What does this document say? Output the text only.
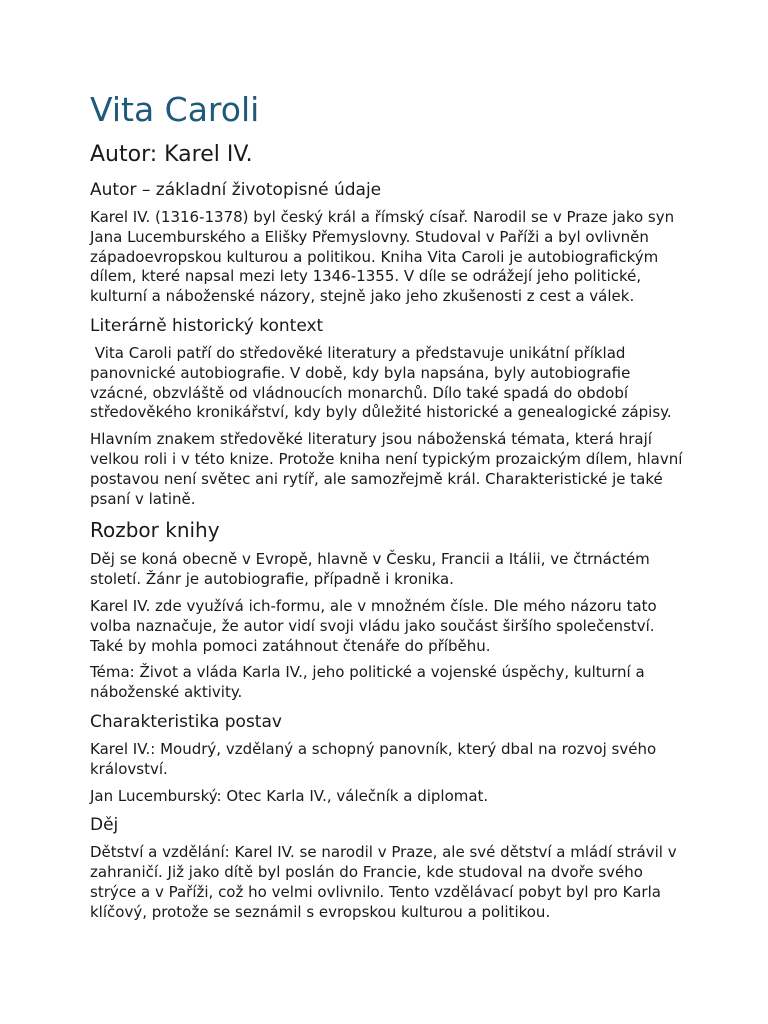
Vita Caroli
Autor: Karel IV.
Autor – základní životopisné údaje

Karel IV. (1316-1378) byl český král a římský císař. Narodil se v Praze jako syn Jana Lucemburského a Elišky Přemyslovny. Studoval v Paříži a byl ovlivněn západoevropskou kulturou a politikou. Kniha Vita Caroli je autobiografickým dílem, které napsal mezi lety 1346-1355. V díle se odrážejí jeho politické, kulturní a náboženské názory, stejně jako jeho zkušenosti z cest a válek.

Literárně historický kontext

Vita Caroli patří do středověké literatury a představuje unikátní příklad panovnické autobiografie. V době, kdy byla napsána, byly autobiografie vzácné, obzvláště od vládnoucích monarchů. Dílo také spadá do období středověkého kronikářství, kdy byly důležité historické a genealogické zápisy.

Hlavním znakem středověké literatury jsou náboženská témata, která hrají velkou roli i v této knize. Protože kniha není typickým prozaickým dílem, hlavní postavou není světec ani rytíř, ale samozřejmě král. Charakteristické je také psaní v latině.

Rozbor knihy

Děj se koná obecně v Evropě, hlavně v Česku, Francii a Itálii, ve čtrnáctém století. Žánr je autobiografie, případně i kronika.

Karel IV. zde využívá ich-formu, ale v množném čísle. Dle mého názoru tato volba naznačuje, že autor vidí svoji vládu jako součást širšího společenství. Také by mohla pomoci zatáhnout čtenáře do příběhu.

Téma: Život a vláda Karla IV., jeho politické a vojenské úspěchy, kulturní a náboženské aktivity.

Charakteristika postav

Karel IV.: Moudrý, vzdělaný a schopný panovník, který dbal na rozvoj svého království.

Jan Lucemburský: Otec Karla IV., válečník a diplomat.

Děj

Dětství a vzdělání: Karel IV. se narodil v Praze, ale své dětství a mládí strávil v zahraničí. Již jako dítě byl poslán do Francie, kde studoval na dvoře svého strýce a v Paříži, což ho velmi ovlivnilo. Tento vzdělávací pobyt byl pro Karla klíčový, protože se seznámil s evropskou kulturou a politikou.
